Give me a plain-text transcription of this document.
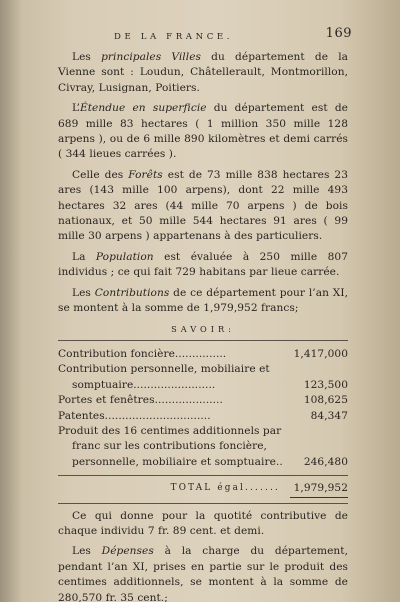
DE LA FRANCE.	169

Les principales Villes du département de la Vienne sont : Loudun, Châtellerault, Montmorillon, Civray, Lusignan, Poitiers.

L’Étendue en superficie du département est de 689 mille 83 hectares ( 1 million 350 mille 128 arpens ), ou de 6 mille 890 kilomètres et demi carrés ( 344 lieues carrées ).

Celle des Forêts est de 73 mille 838 hectares 23 ares (143 mille 100 arpens), dont 22 mille 493 hectares 32 ares (44 mille 70 arpens ) de bois nationaux, et 50 mille 544 hectares 91 ares ( 99 mille 30 arpens ) appartenans à des particuliers.

La Population est évaluée à 250 mille 807 individus ; ce qui fait 729 habitans par lieue carrée.

Les Contributions de ce département pour l’an XI, se montent à la somme de 1,979,952 francs;

SAVOIR:
Contribution foncière...............	1,417,000
Contribution personnelle, mobiliaire et
somptuaire........................	123,500
Portes et fenêtres....................	108,625
Patentes...............................	84,347
Produit des 16 centimes additionnels par
franc sur les contributions foncière,
personnelle, mobiliaire et somptuaire..	246,480
TOTAL égal.......	1,979,952

Ce qui donne pour la quotité contributive de chaque individu 7 fr. 89 cent. et demi.

Les Dépenses à la charge du département, pendant l’an XI, prises en partie sur le produit des centimes additionnels, se montent à la somme de 280,570 fr. 35 cent.;
